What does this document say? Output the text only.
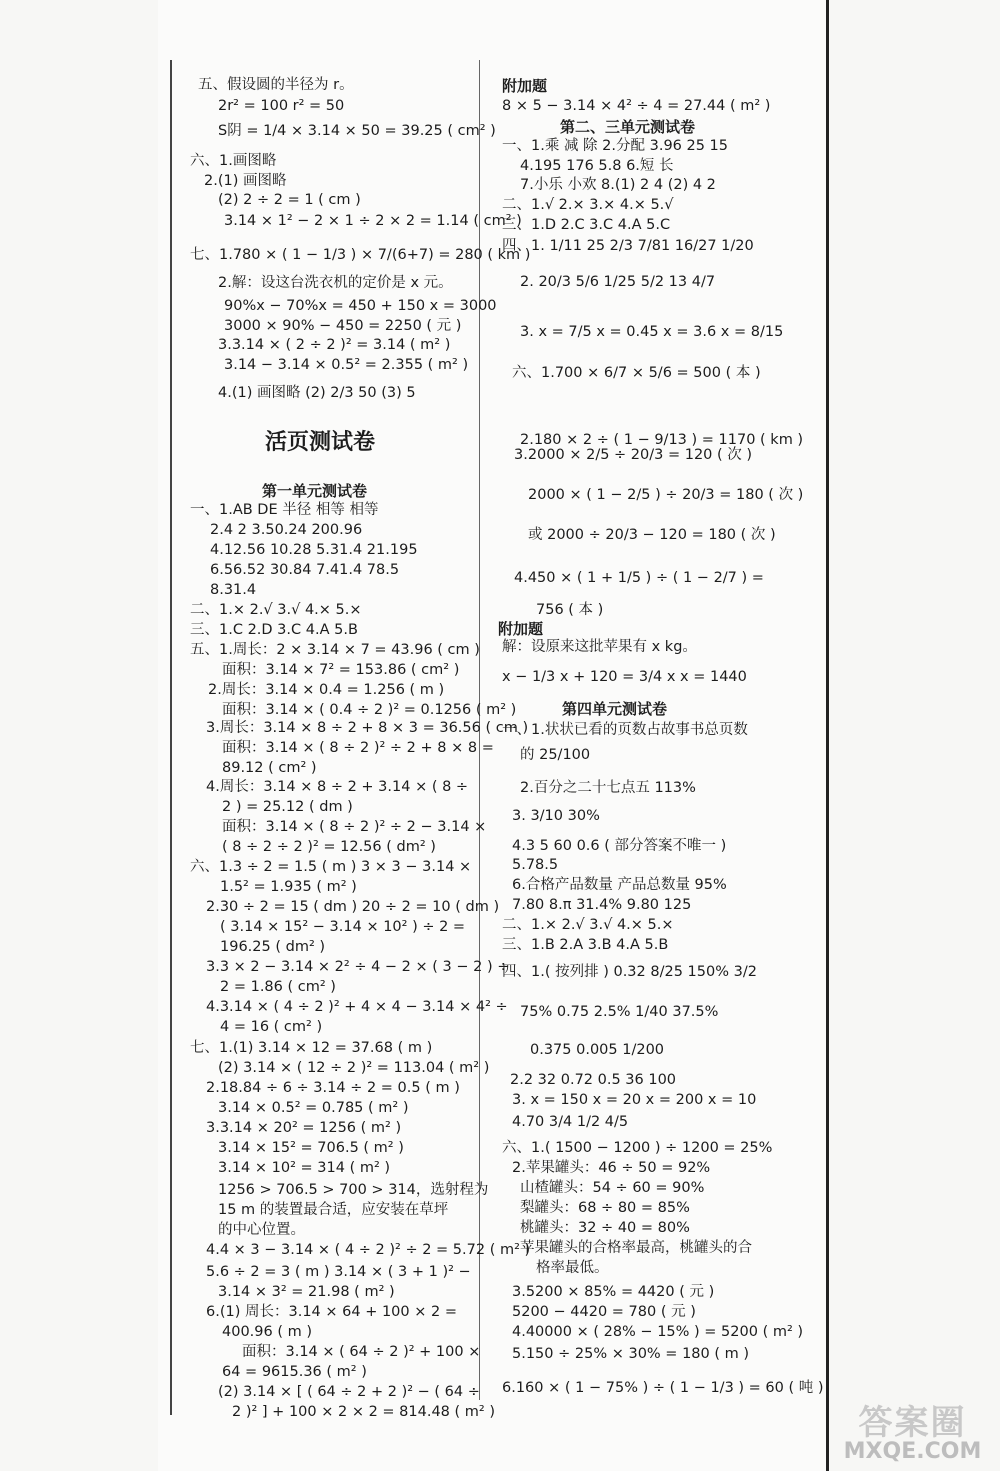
活页测试卷
五、假设圆的半径为 r。
2r² = 100 r² = 50
S阴 = 1/4 × 3.14 × 50 = 39.25 ( cm² )
六、1.画图略
2.(1) 画图略
(2) 2 ÷ 2 = 1 ( cm )
3.14 × 1² − 2 × 1 ÷ 2 × 2 = 1.14 ( cm² )
七、1.780 × ( 1 − 1/3 ) × 7/(6+7) = 280 ( km )
2.解：设这台洗衣机的定价是 x 元。
90%x − 70%x = 450 + 150 x = 3000
3000 × 90% − 450 = 2250 ( 元 )
3.3.14 × ( 2 ÷ 2 )² = 3.14 ( m² )
3.14 − 3.14 × 0.5² = 2.355 ( m² )
4.(1) 画图略 (2) 2/3 50 (3) 5
第一单元测试卷
一、1.AB DE 半径 相等 相等
2.4 2 3.50.24 200.96
4.12.56 10.28 5.31.4 21.195
6.56.52 30.84 7.41.4 78.5
8.31.4
二、1.× 2.√ 3.√ 4.× 5.×
三、1.C 2.D 3.C 4.A 5.B
五、1.周长：2 × 3.14 × 7 = 43.96 ( cm )
面积：3.14 × 7² = 153.86 ( cm² )
2.周长：3.14 × 0.4 = 1.256 ( m )
面积：3.14 × ( 0.4 ÷ 2 )² = 0.1256 ( m² )
3.周长：3.14 × 8 ÷ 2 + 8 × 3 = 36.56 ( cm )
面积：3.14 × ( 8 ÷ 2 )² ÷ 2 + 8 × 8 =
89.12 ( cm² )
4.周长：3.14 × 8 ÷ 2 + 3.14 × ( 8 ÷
2 ) = 25.12 ( dm )
面积：3.14 × ( 8 ÷ 2 )² ÷ 2 − 3.14 ×
( 8 ÷ 2 ÷ 2 )² = 12.56 ( dm² )
六、1.3 ÷ 2 = 1.5 ( m ) 3 × 3 − 3.14 ×
1.5² = 1.935 ( m² )
2.30 ÷ 2 = 15 ( dm ) 20 ÷ 2 = 10 ( dm )
( 3.14 × 15² − 3.14 × 10² ) ÷ 2 =
196.25 ( dm² )
3.3 × 2 − 3.14 × 2² ÷ 4 − 2 × ( 3 − 2 ) ÷
2 = 1.86 ( cm² )
4.3.14 × ( 4 ÷ 2 )² + 4 × 4 − 3.14 × 4² ÷
4 = 16 ( cm² )
七、1.(1) 3.14 × 12 = 37.68 ( m )
(2) 3.14 × ( 12 ÷ 2 )² = 113.04 ( m² )
2.18.84 ÷ 6 ÷ 3.14 ÷ 2 = 0.5 ( m )
3.14 × 0.5² = 0.785 ( m² )
3.3.14 × 20² = 1256 ( m² )
3.14 × 15² = 706.5 ( m² )
3.14 × 10² = 314 ( m² )
1256 > 706.5 > 700 > 314，选射程为
15 m 的装置最合适，应安装在草坪
的中心位置。
4.4 × 3 − 3.14 × ( 4 ÷ 2 )² ÷ 2 = 5.72 ( m² )
5.6 ÷ 2 = 3 ( m ) 3.14 × ( 3 + 1 )² −
3.14 × 3² = 21.98 ( m² )
6.(1) 周长：3.14 × 64 + 100 × 2 =
400.96 ( m )
面积：3.14 × ( 64 ÷ 2 )² + 100 ×
64 = 9615.36 ( m² )
(2) 3.14 × [ ( 64 ÷ 2 + 2 )² − ( 64 ÷
2 )² ] + 100 × 2 × 2 = 814.48 ( m² )
附加题
8 × 5 − 3.14 × 4² ÷ 4 = 27.44 ( m² )
第二、三单元测试卷
一、1.乘 减 除 2.分配 3.96 25 15
4.195 176 5.8 6.短 长
7.小乐 小欢 8.(1) 2 4 (2) 4 2
二、1.√ 2.× 3.× 4.× 5.√
三、1.D 2.C 3.C 4.A 5.C
四、1. 1/11 25 2/3 7/81 16/27 1/20
2. 20/3 5/6 1/25 5/2 13 4/7
3. x = 7/5 x = 0.45 x = 3.6 x = 8/15
六、1.700 × 6/7 × 5/6 = 500 ( 本 )
2.180 × 2 ÷ ( 1 − 9/13 ) = 1170 ( km )
3.2000 × 2/5 ÷ 20/3 = 120 ( 次 )
2000 × ( 1 − 2/5 ) ÷ 20/3 = 180 ( 次 )
或 2000 ÷ 20/3 − 120 = 180 ( 次 )
4.450 × ( 1 + 1/5 ) ÷ ( 1 − 2/7 ) =
756 ( 本 )
附加题
解：设原来这批苹果有 x kg。
x − 1/3 x + 120 = 3/4 x x = 1440
第四单元测试卷
一、1.状状已看的页数占故事书总页数
的 25/100
2.百分之二十七点五 113%
3. 3/10 30%
4.3 5 60 0.6 ( 部分答案不唯一 )
5.78.5
6.合格产品数量 产品总数量 95%
7.80 8.π 31.4% 9.80 125
二、1.× 2.√ 3.√ 4.× 5.×
三、1.B 2.A 3.B 4.A 5.B
四、1.( 按列排 ) 0.32 8/25 150% 3/2
75% 0.75 2.5% 1/40 37.5%
0.375 0.005 1/200
2.2 32 0.72 0.5 36 100
3. x = 150 x = 20 x = 200 x = 10
4.70 3/4 1/2 4/5
六、1.( 1500 − 1200 ) ÷ 1200 = 25%
2.苹果罐头：46 ÷ 50 = 92%
山楂罐头：54 ÷ 60 = 90%
梨罐头：68 ÷ 80 = 85%
桃罐头：32 ÷ 40 = 80%
苹果罐头的合格率最高，桃罐头的合
格率最低。
3.5200 × 85% = 4420 ( 元 )
5200 − 4420 = 780 ( 元 )
4.40000 × ( 28% − 15% ) = 5200 ( m² )
5.150 ÷ 25% × 30% = 180 ( m )
6.160 × ( 1 − 75% ) ÷ ( 1 − 1/3 ) = 60 ( 吨 )
答案圈
MXQE.COM
